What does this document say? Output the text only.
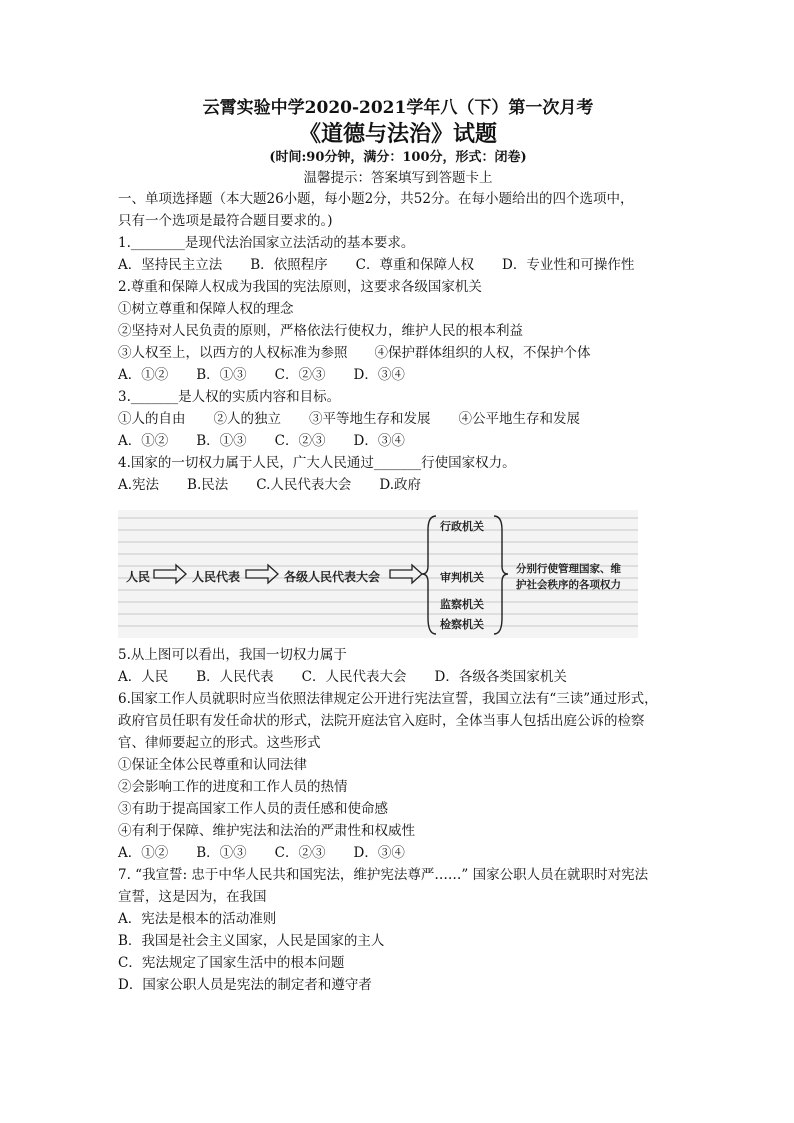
云霄实验中学2020-2021学年八（下）第一次月考

《道德与法治》试题

(时间:90分钟，满分：100分，形式：闭卷)

温馨提示：答案填写到答题卡上

一、单项选择题（本大题26小题，每小题2分，共52分。在每小题给出的四个选项中，

只有一个选项是最符合题目要求的。)

1.________是现代法治国家立法活动的基本要求。

A．坚持民主立法 B．依照程序 C．尊重和保障人权 D．专业性和可操作性

2.尊重和保障人权成为我国的宪法原则，这要求各级国家机关

①树立尊重和保障人权的理念

②坚持对人民负责的原则，严格依法行使权力，维护人民的根本利益

③人权至上，以西方的人权标准为参照　　④保护群体组织的人权，不保护个体

A．①② B．①③ C．②③ D．③④

3._______是人权的实质内容和目标。

①人的自由 ②人的独立 ③平等地生存和发展 ④公平地生存和发展
A．①② B．①③ C．②③ D．③④

4.国家的一切权力属于人民，广大人民通过_______行使国家权力。

A.宪法 B.民法 C.人民代表大会 D.政府
人民	人民代表	各级人民代表大会
行政机关
审判机关
监察机关
检察机关
分别行使管理国家、维
护社会秩序的各项权力

5.从上图可以看出，我国一切权力属于

A．人民 B．人民代表 C．人民代表大会 D．各级各类国家机关

6.国家工作人员就职时应当依照法律规定公开进行宪法宣誓，我国立法有“三读”通过形式，

政府官员任职有发任命状的形式，法院开庭法官入庭时，全体当事人包括出庭公诉的检察

官、律师要起立的形式。这些形式

①保证全体公民尊重和认同法律

②会影响工作的进度和工作人员的热情

③有助于提高国家工作人员的责任感和使命感

④有利于保障、维护宪法和法治的严肃性和权威性

A．①② B．①③ C．②③ D．③④

7. “我宣誓: 忠于中华人民共和国宪法，维护宪法尊严……” 国家公职人员在就职时对宪法

宣誓，这是因为，在我国

A．宪法是根本的活动准则

B．我国是社会主义国家，人民是国家的主人

C．宪法规定了国家生活中的根本问题

D．国家公职人员是宪法的制定者和遵守者
